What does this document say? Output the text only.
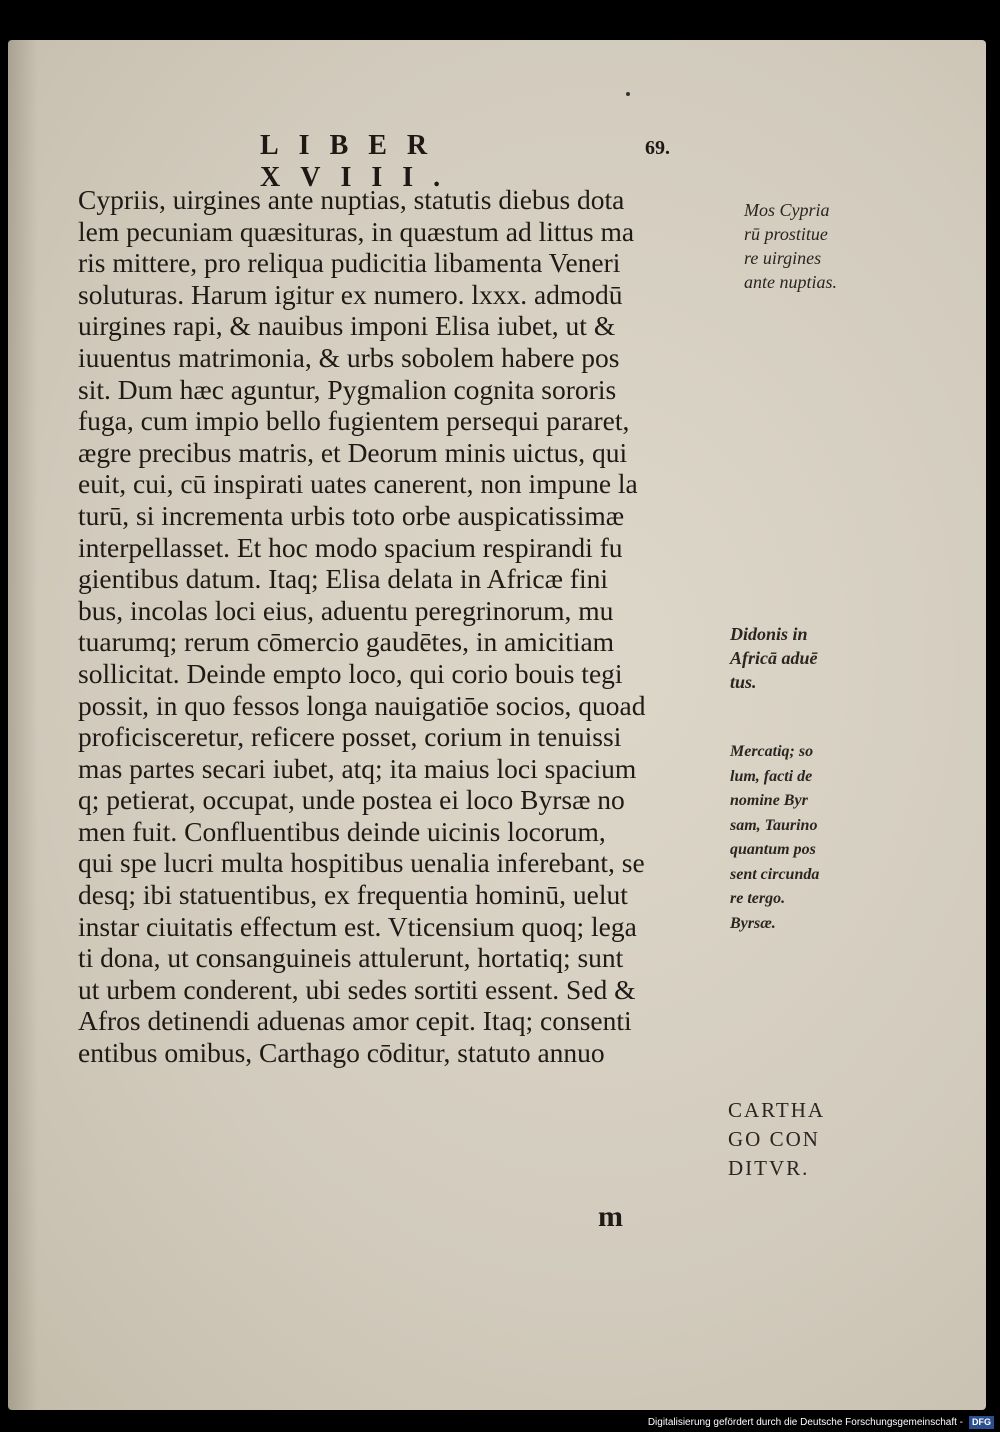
LIBER XVIII.
69.
Cypriis, uirgines ante nuptias, statutis diebus dota
lem pecuniam quæsituras, in quæstum ad littus ma
ris mittere, pro reliqua pudicitia libamenta Veneri
soluturas. Harum igitur ex numero. lxxx. admodū
uirgines rapi, & nauibus imponi Elisa iubet, ut &
iuuentus matrimonia, & urbs sobolem habere pos
sit. Dum hæc aguntur, Pygmalion cognita sororis
fuga, cum impio bello fugientem persequi pararet,
ægre precibus matris, et Deorum minis uictus, qui
euit, cui, cū inspirati uates canerent, non impune la
turū, si incrementa urbis toto orbe auspicatissimæ
interpellasset. Et hoc modo spacium respirandi fu
gientibus datum. Itaq; Elisa delata in Africæ fini
bus, incolas loci eius, aduentu peregrinorum, mu
tuarumq; rerum cōmercio gaudētes, in amicitiam
sollicitat. Deinde empto loco, qui corio bouis tegi
possit, in quo fessos longa nauigatiōe socios, quoad
proficisceretur, reficere posset, corium in tenuissi
mas partes secari iubet, atq; ita maius loci spacium
q; petierat, occupat, unde postea ei loco Byrsæ no
men fuit. Confluentibus deinde uicinis locorum,
qui spe lucri multa hospitibus uenalia inferebant, se
desq; ibi statuentibus, ex frequentia hominū, uelut
instar ciuitatis effectum est. Vticensium quoq; lega
ti dona, ut consanguineis attulerunt, hortatiq; sunt
ut urbem conderent, ubi sedes sortiti essent. Sed &
Afros detinendi aduenas amor cepit. Itaq; consenti
entibus omibus, Carthago cōditur, statuto annuo
Mos Cypria
rū prostitue
re uirgines
ante nuptias.
Didonis in
Africā aduē
tus.
Mercatiq; so
lum, facti de
nomine Byr
sam, Taurino
quantum pos
sent circunda
re tergo.
Byrsæ.
CARTHA
GO CON
DITVR.
m
Digitalisierung gefördert durch die Deutsche Forschungsgemeinschaft -	DFG
